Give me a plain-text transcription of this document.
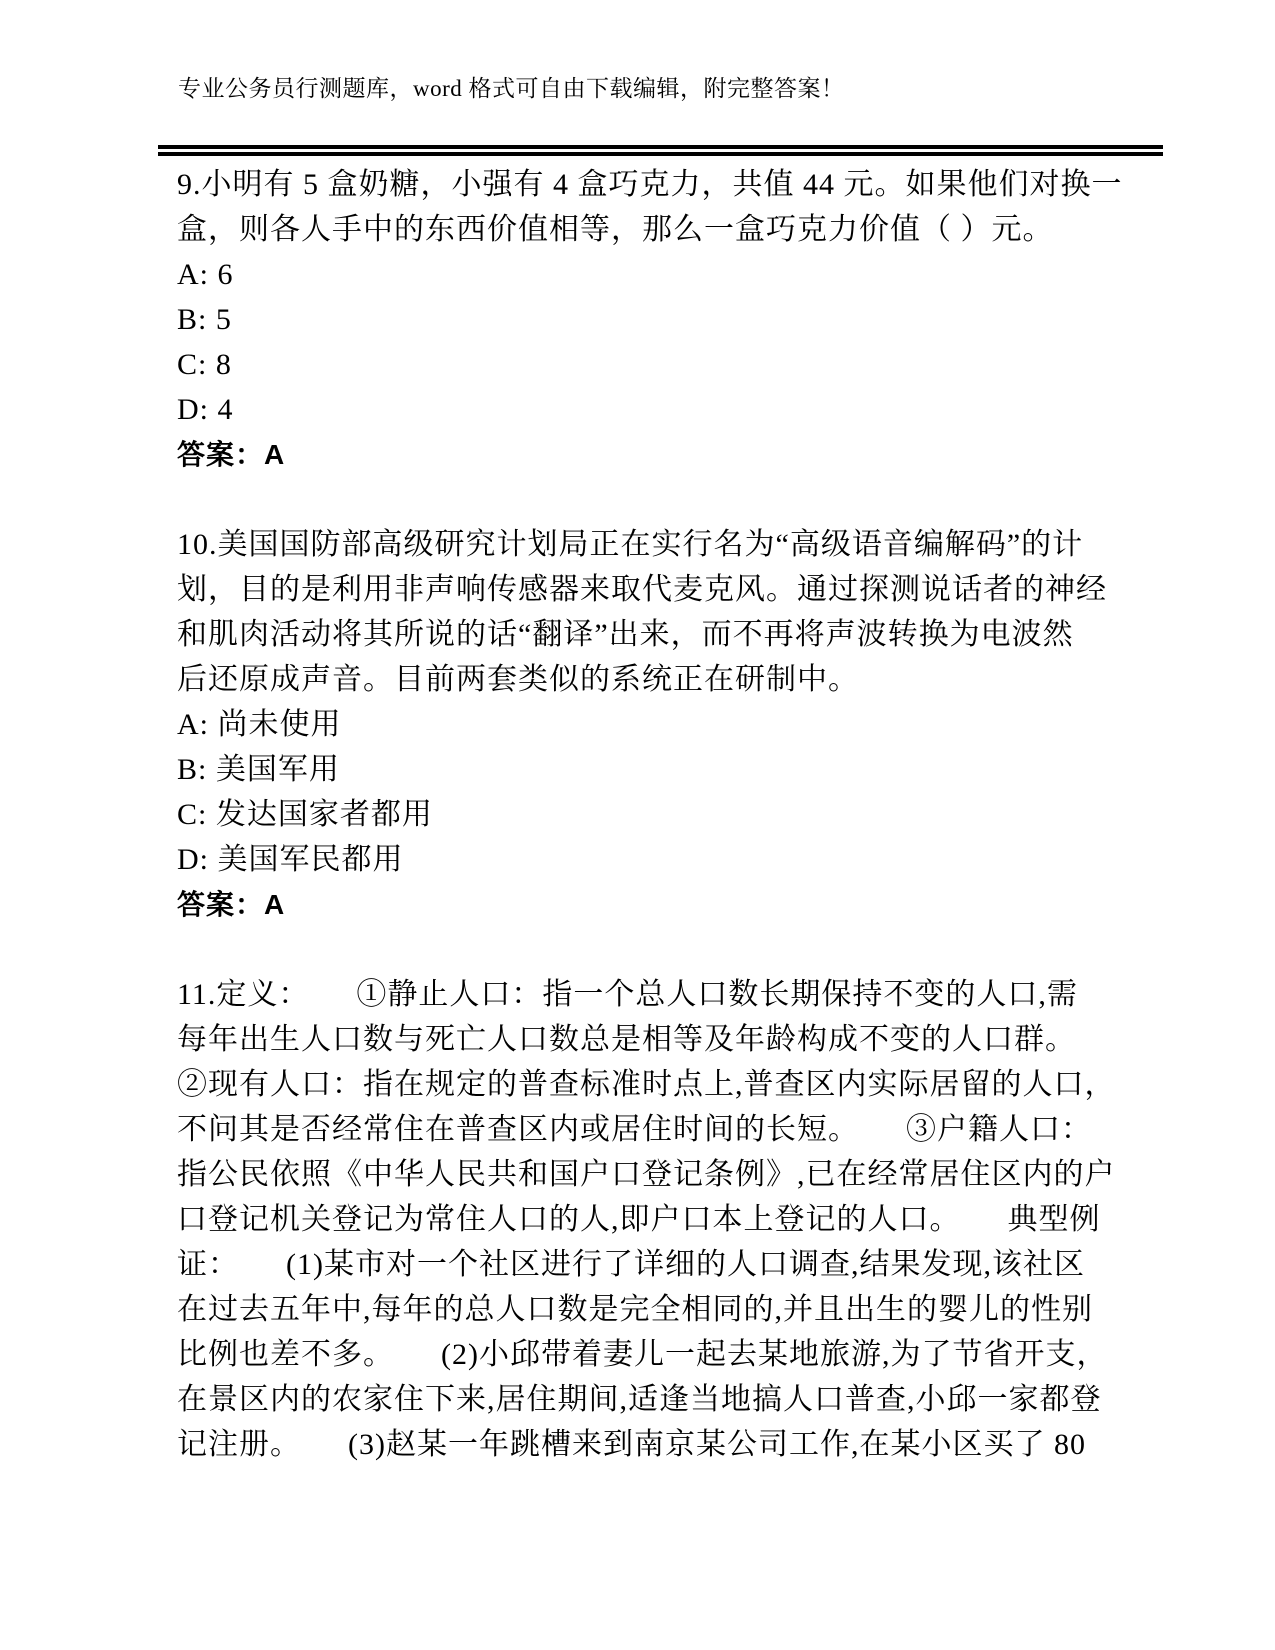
专业公务员行测题库，word 格式可自由下载编辑，附完整答案！
9.小明有 5 盒奶糖，小强有 4 盒巧克力，共值 44 元。如果他们对换一
盒，则各人手中的东西价值相等，那么一盒巧克力价值（ ）元。
A: 6
B: 5
C: 8
D: 4
答案：A
10.美国国防部高级研究计划局正在实行名为“高级语音编解码”的计
划，目的是利用非声响传感器来取代麦克风。通过探测说话者的神经
和肌肉活动将其所说的话“翻译”出来，而不再将声波转换为电波然
后还原成声音。目前两套类似的系统正在研制中。
A: 尚未使用
B: 美国军用
C: 发达国家者都用
D: 美国军民都用
答案：A
11.定义：　　①静止人口：指一个总人口数长期保持不变的人口,需
每年出生人口数与死亡人口数总是相等及年龄构成不变的人口群。
②现有人口：指在规定的普查标准时点上,普查区内实际居留的人口，
不问其是否经常住在普查区内或居住时间的长短。　　③户籍人口：
指公民依照《中华人民共和国户口登记条例》,已在经常居住区内的户
口登记机关登记为常住人口的人,即户口本上登记的人口。　　典型例
证：　　(1)某市对一个社区进行了详细的人口调查,结果发现,该社区
在过去五年中,每年的总人口数是完全相同的,并且出生的婴儿的性别
比例也差不多。　　(2)小邱带着妻儿一起去某地旅游,为了节省开支，
在景区内的农家住下来,居住期间,适逢当地搞人口普查,小邱一家都登
记注册。　　(3)赵某一年跳槽来到南京某公司工作,在某小区买了 80
